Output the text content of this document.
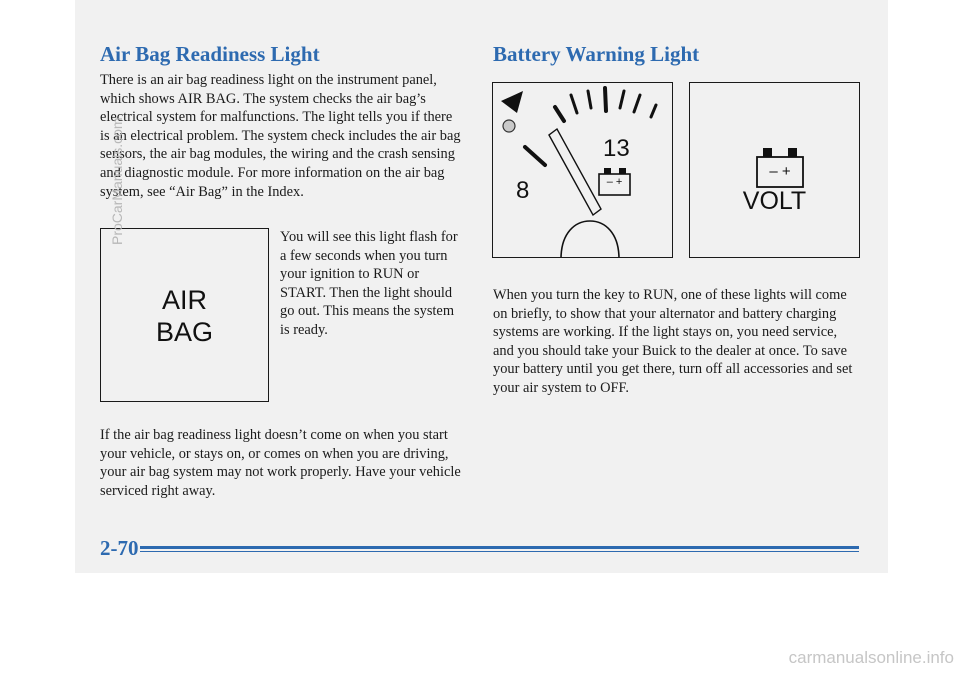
Air Bag Readiness Light

There is an air bag readiness light on the instrument panel, which shows AIR BAG. The system checks the air bag’s electrical system for malfunctions. The light tells you if there is an electrical problem. The system check includes the air bag sensors, the air bag modules, the wiring and the crash sensing and diagnostic module. For more information on the air bag system, see “Air Bag” in the Index.

AIR
BAG

You will see this light flash for a few seconds when you turn your ignition to RUN or START. Then the light should go out. This means the system is ready.

If the air bag readiness light doesn’t come on when you start your vehicle, or stays on, or comes on when you are driving, your air bag system may not work properly. Have your vehicle serviced right away.

Battery Warning Light
13
8	– +
– +
VOLT

When you turn the key to RUN, one of these lights will come on briefly, to show that your alternator and battery charging systems are working. If the light stays on, you need service, and you should take your Buick to the dealer at once. To save your battery until you get there, turn off all accessories and set your air system to OFF.

2-70

ProCarManuals.com
carmanualsonline.info
